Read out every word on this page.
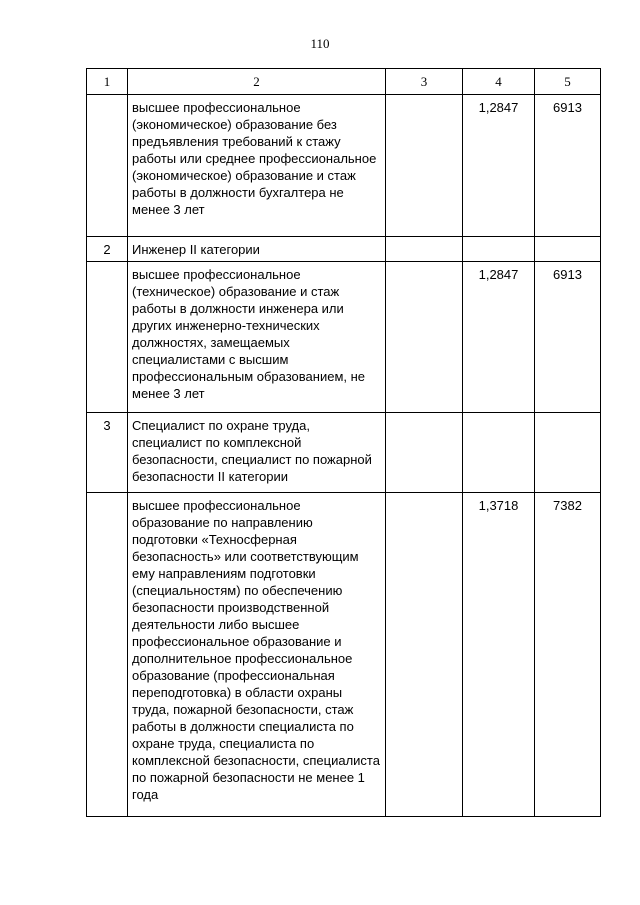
110
1	2	3	4	5
	высшее профессиональное (экономическое) образование без предъявления требований к стажу работы или среднее профессиональное (экономическое) образование и стаж работы в должности бухгалтера не менее 3 лет		1,2847	6913
2	Инженер II категории			
	высшее профессиональное (техническое) образование и стаж работы в должности инженера или других инженерно-технических должностях, замещаемых специалистами с высшим профессиональным образованием, не менее 3 лет		1,2847	6913
3	Специалист по охране труда, специалист по комплексной безопасности, специалист по пожарной безопасности II категории			
	высшее профессиональное образование по направлению подготовки «Техносферная безопасность» или соответствующим ему направлениям подготовки (специальностям) по обеспечению безопасности производственной деятельности либо высшее профессиональное образование и дополнительное профессиональное образование (профессиональная переподготовка) в области охраны труда, пожарной безопасности, стаж работы в должности специалиста по охране труда, специалиста по комплексной безопасности, специалиста по пожарной безопасности не менее 1 года		1,3718	7382
